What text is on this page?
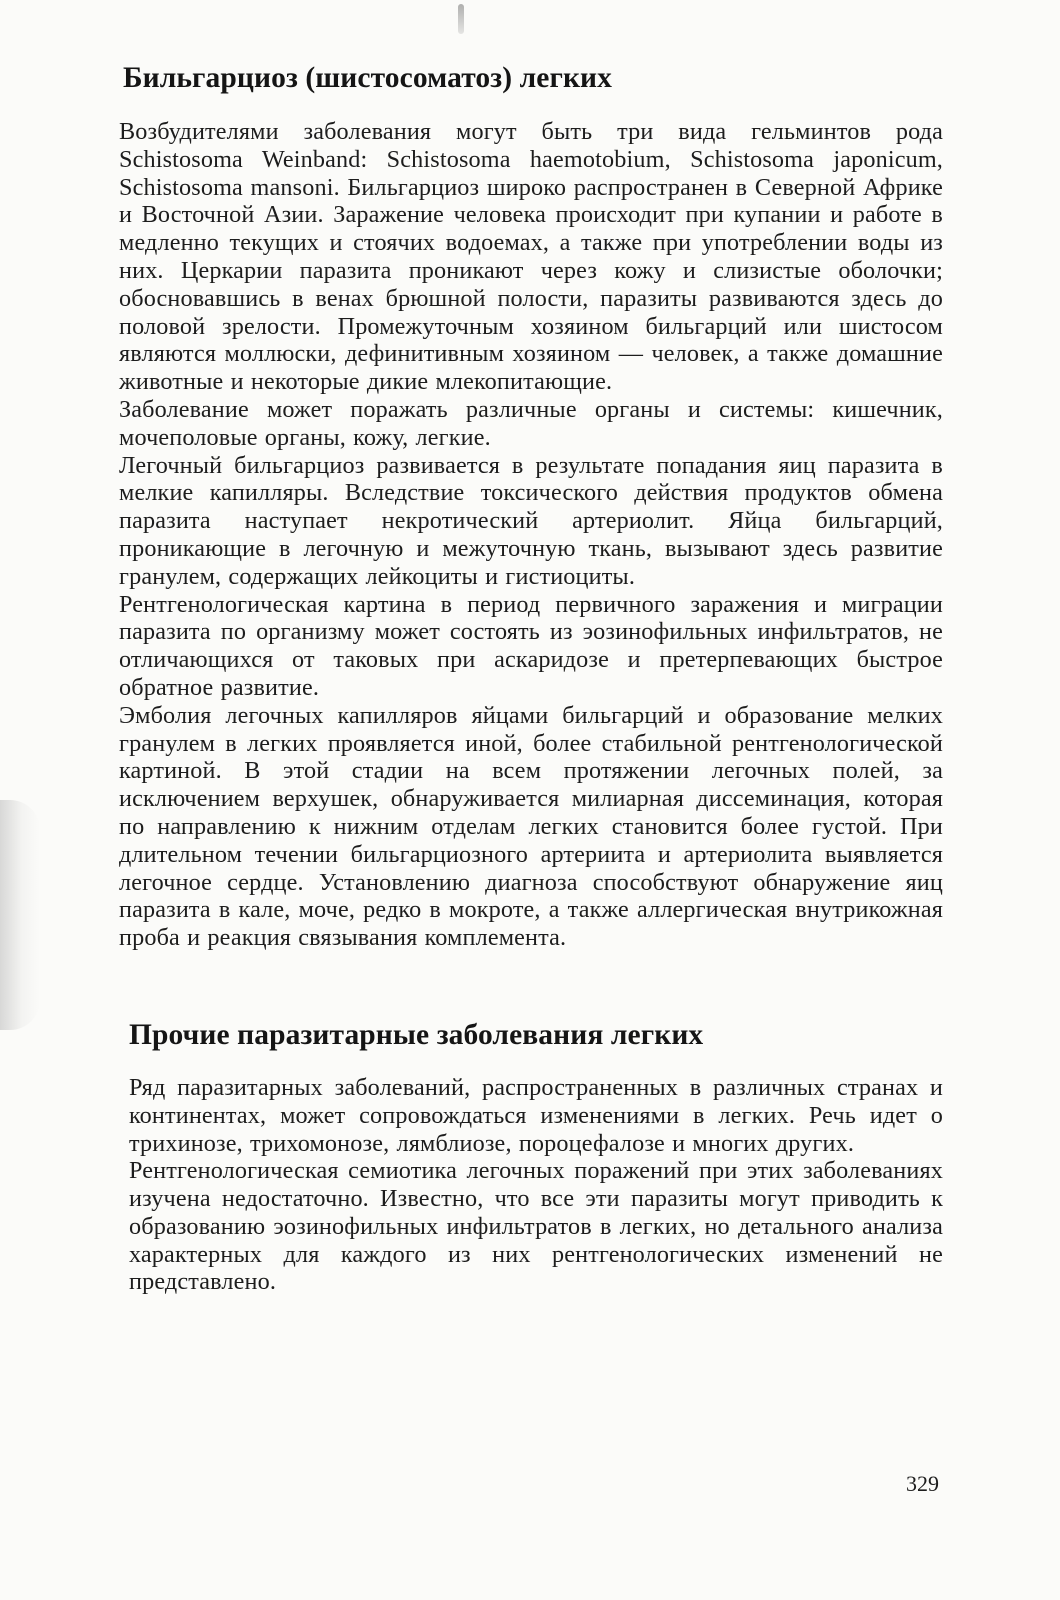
Бильгарциоз (шистосоматоз) легких

Возбудителями заболевания могут быть три вида гельминтов рода Schistosoma Weinband: Schistosoma haemotobium, Schistosoma japonicum, Schistosoma mansoni. Бильгарциоз широко распространен в Северной Африке и Восточной Азии. Заражение человека происходит при купании и работе в медленно текущих и стоячих водоемах, а также при употреблении воды из них. Церкарии паразита проникают через кожу и слизистые оболочки; обосновавшись в венах брюшной полости, паразиты развиваются здесь до половой зрелости. Промежуточным хозяином бильгарций или шистосом являются моллюски, дефинитивным хозяином — человек, а также домашние животные и некоторые дикие млекопитающие.

Заболевание может поражать различные органы и системы: кишечник, мочеполовые органы, кожу, легкие.

Легочный бильгарциоз развивается в результате попадания яиц паразита в мелкие капилляры. Вследствие токсического действия продуктов обмена паразита наступает некротический артериолит. Яйца бильгарций, проникающие в легочную и межуточную ткань, вызывают здесь развитие гранулем, содержащих лейкоциты и гистиоциты.

Рентгенологическая картина в период первичного заражения и миграции паразита по организму может состоять из эозинофильных инфильтратов, не отличающихся от таковых при аскаридозе и претерпевающих быстрое обратное развитие.

Эмболия легочных капилляров яйцами бильгарций и образование мелких гранулем в легких проявляется иной, более стабильной рентгенологической картиной. В этой стадии на всем протяжении легочных полей, за исключением верхушек, обнаруживается милиарная диссеминация, которая по направлению к нижним отделам легких становится более густой. При длительном течении бильгарциозного артериита и артериолита выявляется легочное сердце. Установлению диагноза способствуют обнаружение яиц паразита в кале, моче, редко в мокроте, а также аллергическая внутрикожная проба и реакция связывания комплемента.

Прочие паразитарные заболевания легких

Ряд паразитарных заболеваний, распространенных в различных странах и континентах, может сопровождаться изменениями в легких. Речь идет о трихинозе, трихомонозе, лямблиозе, пороцефалозе и многих других.

Рентгенологическая семиотика легочных поражений при этих заболеваниях изучена недостаточно. Известно, что все эти паразиты могут приводить к образованию эозинофильных инфильтратов в легких, но детального анализа характерных для каждого из них рентгенологических изменений не представлено.

329
